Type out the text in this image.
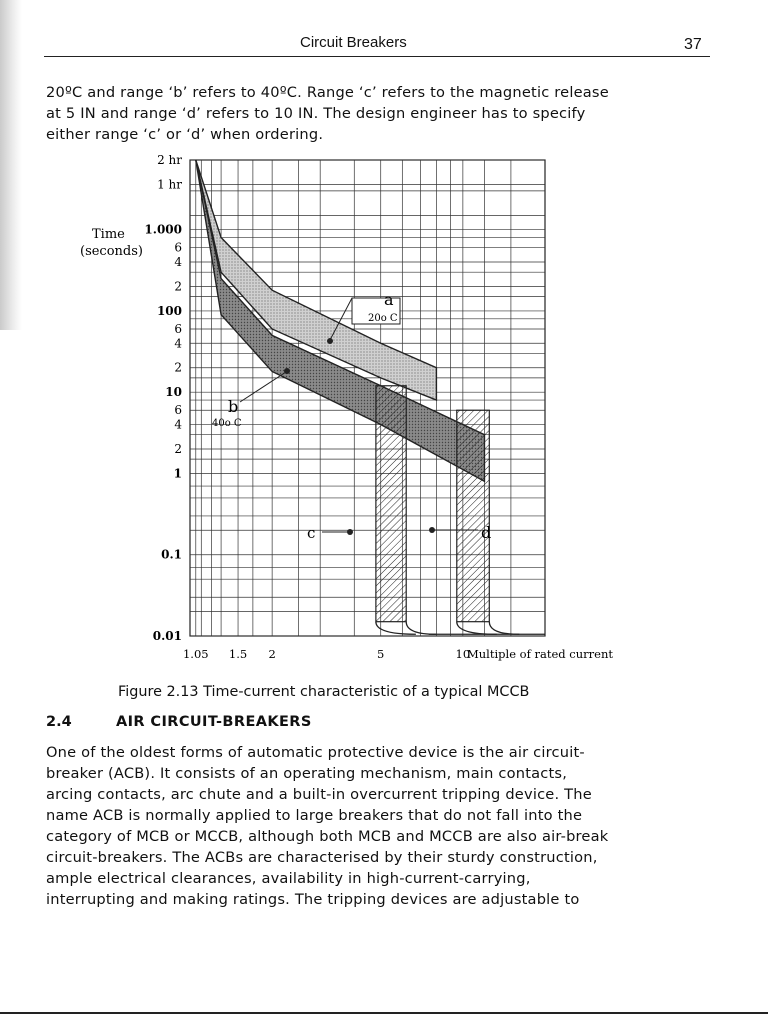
Circuit Breakers	37
20ºC and range ‘b’ refers to 40ºC. Range ‘c’ refers to the magnetic release
at 5 IN and range ‘d’ refers to 10 IN. The design engineer has to specify
either range ‘c’ or ‘d’ when ordering.
Time
(seconds)
Multiple of rated current
2 hr
1 hr
1.000
6
4
2
100
6
4
2
10
6
4
2
1
0.1
0.01
1.05 1.5 2	5	10
a
20o C
b
40o C
c	d
Figure 2.13 Time-current characteristic of a typical MCCB
2.4	AIR CIRCUIT-BREAKERS
One of the oldest forms of automatic protective device is the air circuit-
breaker (ACB). It consists of an operating mechanism, main contacts,
arcing contacts, arc chute and a built-in overcurrent tripping device. The
name ACB is normally applied to large breakers that do not fall into the
category of MCB or MCCB, although both MCB and MCCB are also air-break
circuit-breakers. The ACBs are characterised by their sturdy construction,
ample electrical clearances, availability in high-current-carrying,
interrupting and making ratings. The tripping devices are adjustable to
